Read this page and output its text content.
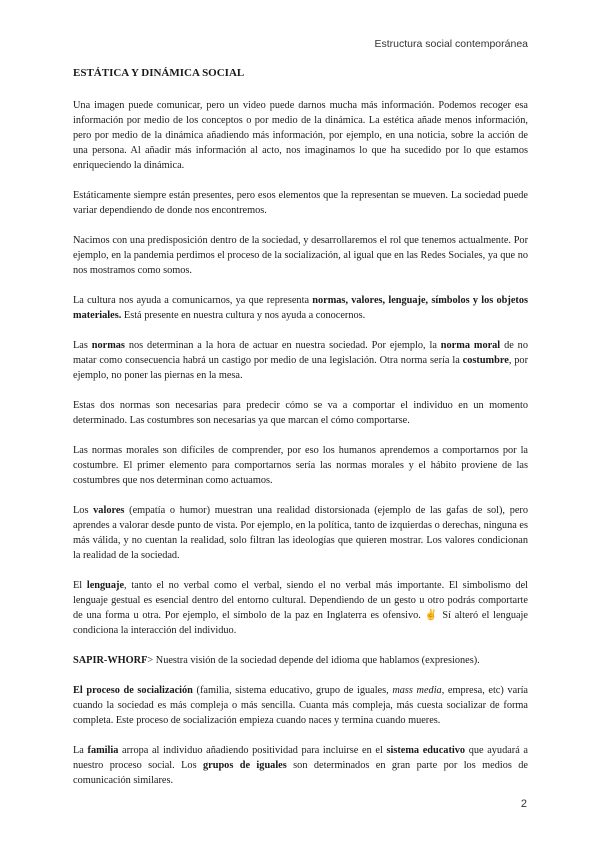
Estructura social contemporánea
ESTÁTICA Y DINÁMICA SOCIAL

Una imagen puede comunicar, pero un video puede darnos mucha más información. Podemos recoger esa información por medio de los conceptos o por medio de la dinámica. La estética añade menos información, pero por medio de la dinámica añadiendo más información, por ejemplo, en una noticia, sobre la acción de una persona. Al añadir más información al acto, nos imaginamos lo que ha sucedido por lo que estamos enriqueciendo la dinámica.

Estáticamente siempre están presentes, pero esos elementos que la representan se mueven. La sociedad puede variar dependiendo de donde nos encontremos.

Nacimos con una predisposición dentro de la sociedad, y desarrollaremos el rol que tenemos actualmente. Por ejemplo, en la pandemia perdimos el proceso de la socialización, al igual que en las Redes Sociales, ya que no nos mostramos como somos.

La cultura nos ayuda a comunicarnos, ya que representa normas, valores, lenguaje, símbolos y los objetos materiales. Está presente en nuestra cultura y nos ayuda a conocernos.

Las normas nos determinan a la hora de actuar en nuestra sociedad. Por ejemplo, la norma moral de no matar como consecuencia habrá un castigo por medio de una legislación. Otra norma sería la costumbre, por ejemplo, no poner las piernas en la mesa.

Estas dos normas son necesarias para predecir cómo se va a comportar el individuo en un momento determinado. Las costumbres son necesarias ya que marcan el cómo comportarse.

Las normas morales son difíciles de comprender, por eso los humanos aprendemos a comportarnos por la costumbre. El primer elemento para comportarnos sería las normas morales y el hábito proviene de las costumbres que nos determinan como actuamos.

Los valores (empatía o humor) muestran una realidad distorsionada (ejemplo de las gafas de sol), pero aprendes a valorar desde punto de vista. Por ejemplo, en la política, tanto de izquierdas o derechas, ninguna es más válida, y no cuentan la realidad, solo filtran las ideologías que quieren mostrar. Los valores condicionan la realidad de la sociedad.

El lenguaje, tanto el no verbal como el verbal, siendo el no verbal más importante. El simbolismo del lenguaje gestual es esencial dentro del entorno cultural. Dependiendo de un gesto u otro podrás comportarte de una forma u otra. Por ejemplo, el símbolo de la paz en Inglaterra es ofensivo. ✌ Sí alteró el lenguaje condiciona la interacción del individuo.

SAPIR-WHORF> Nuestra visión de la sociedad depende del idioma que hablamos (expresiones).

El proceso de socialización (familia, sistema educativo, grupo de iguales, mass media, empresa, etc) varía cuando la sociedad es más compleja o más sencilla. Cuanta más compleja, más cuesta socializar de forma completa. Este proceso de socialización empieza cuando naces y termina cuando mueres.

La familia arropa al individuo añadiendo positividad para incluirse en el sistema educativo que ayudará a nuestro proceso social. Los grupos de iguales son determinados en gran parte por los medios de comunicación similares.

2
